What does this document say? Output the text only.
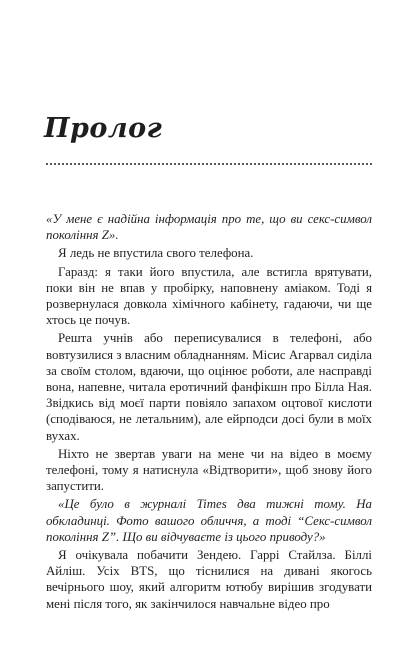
Пролог

«У мене є надійна інформація про те, що ви секс-символ покоління Z».

Я ледь не впустила свого телефона.

Гаразд: я таки його впустила, але встигла врятувати, поки він не впав у пробірку, наповнену аміаком. Тоді я розвернулася довкола хімічного кабінету, гадаючи, чи ще хтось це почув.

Решта учнів або переписувалися в телефоні, або вовтузилися з власним обладнанням. Місис Агарвал сиділа за своїм столом, вдаючи, що оцінює роботи, але насправді вона, напевне, читала еротичний фанфікшн про Білла Ная. Звідкись від моєї парти повіяло запахом оцтової кислоти (сподіваюся, не летальним), але ейрподси досі були в моїх вухах.

Ніхто не звертав уваги на мене чи на відео в моєму телефоні, тому я натиснула «Відтворити», щоб знову його запустити.

«Це було в журналі Times два тижні тому. На обкладинці. Фото вашого обличчя, а тоді “Секс-символ покоління Z”. Що ви відчуваєте із цього приводу?»

Я очікувала побачити Зендею. Гаррі Стайлза. Біллі Айліш. Усіх BTS, що тіснилися на дивані якогось вечірнього шоу, який алгоритм ютюбу вирішив згодувати мені після того, як закінчилося навчальне відео про
